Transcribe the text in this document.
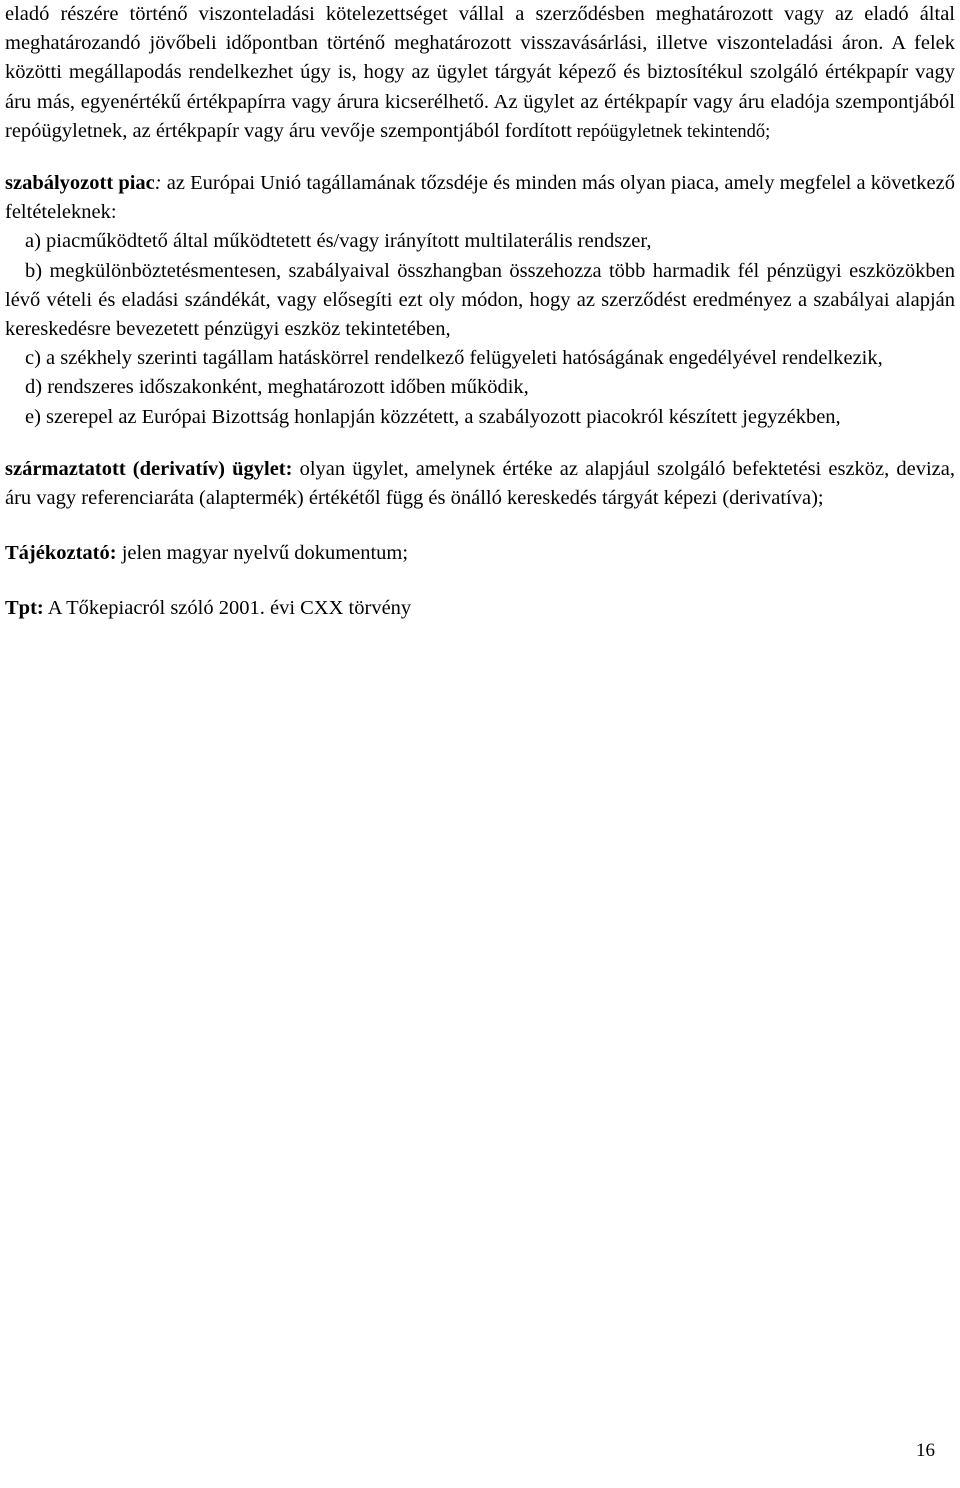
eladó részére történő viszonteladási kötelezettséget vállal a szerződésben meghatározott vagy az eladó által meghatározandó jövőbeli időpontban történő meghatározott visszavásárlási, illetve viszonteladási áron. A felek közötti megállapodás rendelkezhet úgy is, hogy az ügylet tárgyát képező és biztosítékul szolgáló értékpapír vagy áru más, egyenértékű értékpapírra vagy árura kicserélhető. Az ügylet az értékpapír vagy áru eladója szempontjából repóügyletnek, az értékpapír vagy áru vevője szempontjából fordított repóügyletnek tekintendő;

szabályozott piac: az Európai Unió tagállamának tőzsdéje és minden más olyan piaca, amely megfelel a következő feltételeknek:

a) piacműködtető által működtetett és/vagy irányított multilaterális rendszer,

b) megkülönböztetésmentesen, szabályaival összhangban összehozza több harmadik fél pénzügyi eszközökben lévő vételi és eladási szándékát, vagy elősegíti ezt oly módon, hogy az szerződést eredményez a szabályai alapján kereskedésre bevezetett pénzügyi eszköz tekintetében,

c) a székhely szerinti tagállam hatáskörrel rendelkező felügyeleti hatóságának engedélyével rendelkezik,

d) rendszeres időszakonként, meghatározott időben működik,

e) szerepel az Európai Bizottság honlapján közzétett, a szabályozott piacokról készített jegyzékben,

származtatott (derivatív) ügylet: olyan ügylet, amelynek értéke az alapjául szolgáló befektetési eszköz, deviza, áru vagy referenciaráta (alaptermék) értékétől függ és önálló kereskedés tárgyát képezi (derivatíva);

Tájékoztató: jelen magyar nyelvű dokumentum;

Tpt: A Tőkepiacról szóló 2001. évi CXX törvény

16
